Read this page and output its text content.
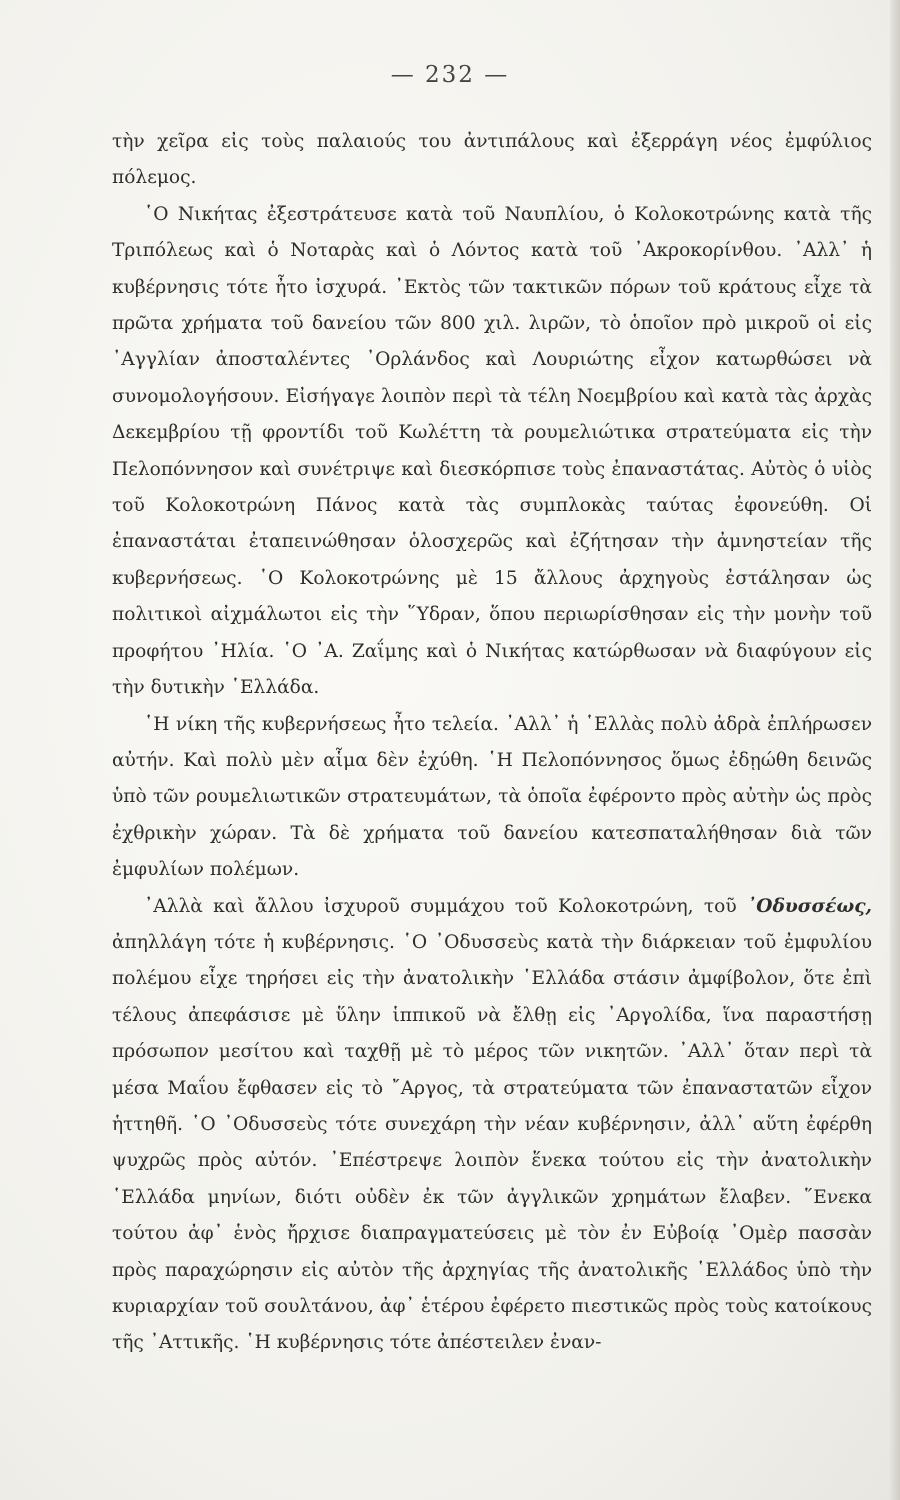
— 232 —

τὴν χεῖρα εἰς τοὺς παλαιούς του ἀντιπάλους καὶ ἐξερράγη νέος ἐμφύλιος πόλεμος.

῾Ο Νικήτας ἐξεστράτευσε κατὰ τοῦ Ναυπλίου, ὁ Κολοκοτρώνης κατὰ τῆς Τριπόλεως καὶ ὁ Νοταρὰς καὶ ὁ Λόντος κατὰ τοῦ ᾿Ακροκορίνθου. ᾿Αλλ᾿ ἡ κυβέρνησις τότε ἦτο ἰσχυρά. ᾿Εκτὸς τῶν τακτικῶν πόρων τοῦ κράτους εἶχε τὰ πρῶτα χρήματα τοῦ δανείου τῶν 800 χιλ. λιρῶν, τὸ ὁποῖον πρὸ μικροῦ οἱ εἰς ᾿Αγγλίαν ἀποσταλέντες ᾿Ορλάνδος καὶ Λουριώτης εἶχον κατωρθώσει νὰ συνομολογήσουν. Εἰσήγαγε λοιπὸν περὶ τὰ τέλη Νοεμβρίου καὶ κατὰ τὰς ἀρχὰς Δεκεμβρίου τῇ φροντίδι τοῦ Κωλέττη τὰ ρουμελιώτικα στρατεύματα εἰς τὴν Πελοπόννησον καὶ συνέτριψε καὶ διεσκόρπισε τοὺς ἐπαναστάτας. Αὐτὸς ὁ υἱὸς τοῦ Κολοκοτρώνη Πάνος κατὰ τὰς συμπλοκὰς ταύτας ἐφονεύθη. Οἱ ἐπαναστάται ἐταπεινώθησαν ὁλοσχερῶς καὶ ἐζήτησαν τὴν ἀμνηστείαν τῆς κυβερνήσεως. ῾Ο Κολοκοτρώνης μὲ 15 ἄλλους ἀρχηγοὺς ἐστάλησαν ὡς πολιτικοὶ αἰχμάλωτοι εἰς τὴν ῞Υδραν, ὅπου περιωρίσθησαν εἰς τὴν μονὴν τοῦ προφήτου ᾿Ηλία. ῾Ο ᾿Α. Ζαΐμης καὶ ὁ Νικήτας κατώρθωσαν νὰ διαφύγουν εἰς τὴν δυτικὴν ῾Ελλάδα.

῾Η νίκη τῆς κυβερνήσεως ἦτο τελεία. ᾿Αλλ᾿ ἡ ῾Ελλὰς πολὺ ἀδρὰ ἐπλήρωσεν αὐτήν. Καὶ πολὺ μὲν αἷμα δὲν ἐχύθη. ῾Η Πελοπόννησος ὅμως ἐδῃώθη δεινῶς ὑπὸ τῶν ρουμελιωτικῶν στρατευμάτων, τὰ ὁποῖα ἐφέροντο πρὸς αὐτὴν ὡς πρὸς ἐχθρικὴν χώραν. Τὰ δὲ χρήματα τοῦ δανείου κατεσπαταλήθησαν διὰ τῶν ἐμφυλίων πολέμων.

᾿Αλλὰ καὶ ἄλλου ἰσχυροῦ συμμάχου τοῦ Κολοκοτρώνη, τοῦ ᾿Οδυσσέως, ἀπηλλάγη τότε ἡ κυβέρνησις. ῾Ο ᾿Οδυσσεὺς κατὰ τὴν διάρκειαν τοῦ ἐμφυλίου πολέμου εἶχε τηρήσει εἰς τὴν ἀνατολικὴν ῾Ελλάδα στάσιν ἀμφίβολον, ὅτε ἐπὶ τέλους ἀπεφάσισε μὲ ὕλην ἱππικοῦ νὰ ἔλθῃ εἰς ᾿Αργολίδα, ἵνα παραστήσῃ πρόσωπον μεσίτου καὶ ταχθῇ μὲ τὸ μέρος τῶν νικητῶν. ᾿Αλλ᾿ ὅταν περὶ τὰ μέσα Μαΐου ἔφθασεν εἰς τὸ ῎Αργος, τὰ στρατεύματα τῶν ἐπαναστατῶν εἶχον ἡττηθῆ. ῾Ο ᾿Οδυσσεὺς τότε συνεχάρη τὴν νέαν κυβέρνησιν, ἀλλ᾿ αὕτη ἐφέρθη ψυχρῶς πρὸς αὐτόν. ᾿Επέστρεψε λοιπὸν ἕνεκα τούτου εἰς τὴν ἀνατολικὴν ῾Ελλάδα μηνίων, διότι οὐδὲν ἐκ τῶν ἀγγλικῶν χρημάτων ἔλαβεν. ῞Ενεκα τούτου ἀφ᾿ ἑνὸς ἤρχισε διαπραγματεύσεις μὲ τὸν ἐν Εὐβοίᾳ ᾿Ομὲρ πασσὰν πρὸς παραχώρησιν εἰς αὐτὸν τῆς ἀρχηγίας τῆς ἀνατολικῆς ῾Ελλάδος ὑπὸ τὴν κυριαρχίαν τοῦ σουλτάνου, ἀφ᾿ ἑτέρου ἐφέρετο πιεστικῶς πρὸς τοὺς κατοίκους τῆς ᾿Αττικῆς. ῾Η κυβέρνησις τότε ἀπέστειλεν ἐναν-
